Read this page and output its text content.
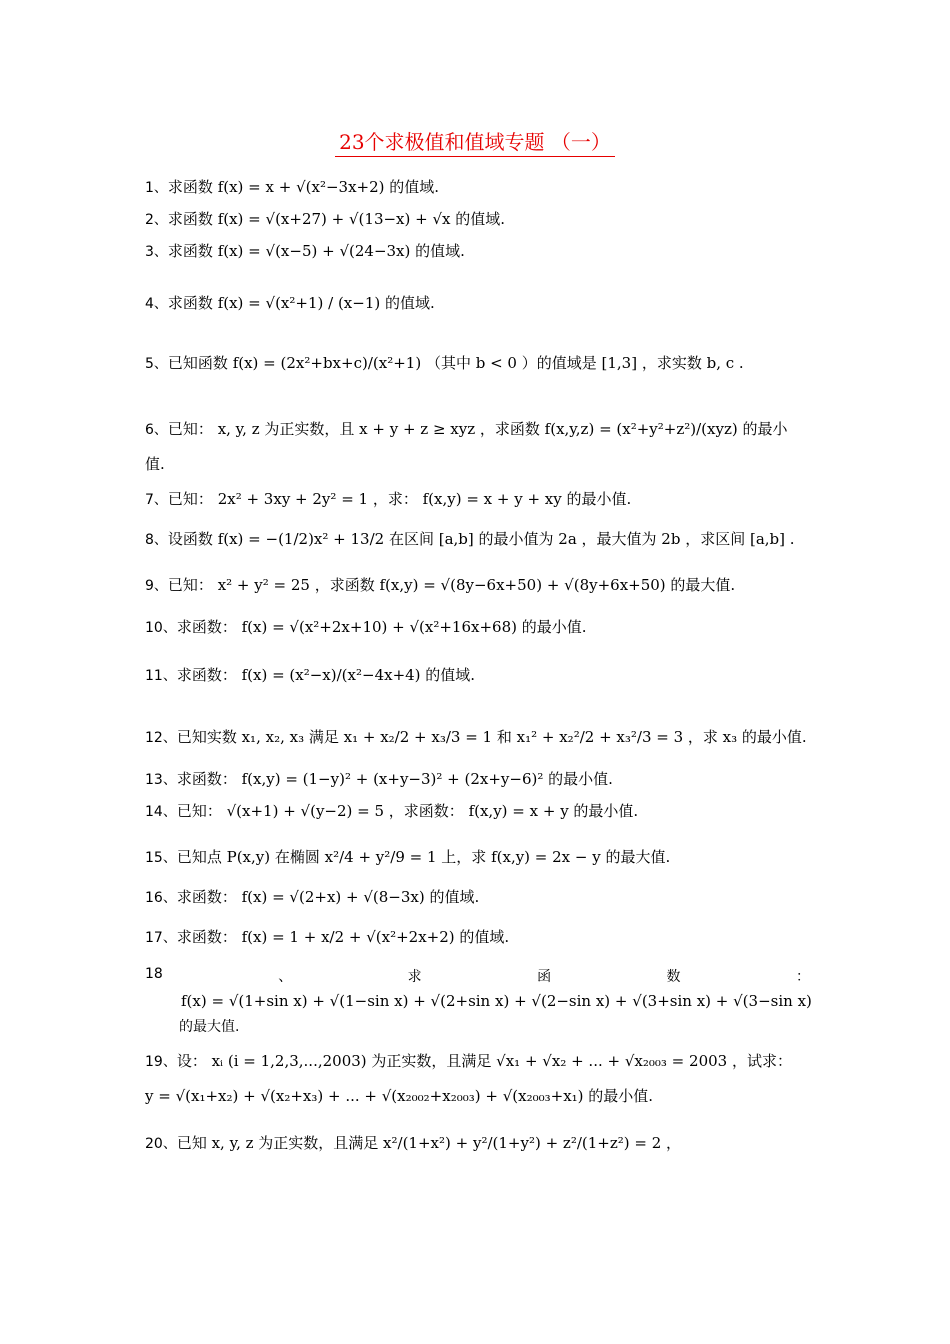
23个求极值和值域专题 （一）
1、求函数 f(x) = x + √(x²−3x+2) 的值域.
2、求函数 f(x) = √(x+27) + √(13−x) + √x 的值域.
3、求函数 f(x) = √(x−5) + √(24−3x) 的值域.
4、求函数 f(x) = √(x²+1) / (x−1) 的值域.
5、已知函数 f(x) = (2x²+bx+c)/(x²+1) （其中 b < 0 ）的值域是 [1,3] ，求实数 b, c .
6、已知： x, y, z 为正实数，且 x + y + z ≥ xyz ，求函数 f(x,y,z) = (x²+y²+z²)/(xyz) 的最小值.
7、已知： 2x² + 3xy + 2y² = 1 ，求： f(x,y) = x + y + xy 的最小值.
8、设函数 f(x) = −(1/2)x² + 13/2 在区间 [a,b] 的最小值为 2a ，最大值为 2b ，求区间 [a,b] .
9、已知： x² + y² = 25 ，求函数 f(x,y) = √(8y−6x+50) + √(8y+6x+50) 的最大值.
10、求函数： f(x) = √(x²+2x+10) + √(x²+16x+68) 的最小值.
11、求函数： f(x) = (x²−x)/(x²−4x+4) 的值域.
12、已知实数 x₁, x₂, x₃ 满足 x₁ + x₂/2 + x₃/3 = 1 和 x₁² + x₂²/2 + x₃²/3 = 3 ，求 x₃ 的最小值.
13、求函数： f(x,y) = (1−y)² + (x+y−3)² + (2x+y−6)² 的最小值.
14、已知： √(x+1) + √(y−2) = 5 ，求函数： f(x,y) = x + y 的最小值.
15、已知点 P(x,y) 在椭圆 x²/4 + y²/9 = 1 上，求 f(x,y) = 2x − y 的最大值.
16、求函数： f(x) = √(2+x) + √(8−3x) 的值域.
17、求函数： f(x) = 1 + x/2 + √(x²+2x+2) 的值域.
18	、	求	函	数	：
f(x) = √(1+sin x) + √(1−sin x) + √(2+sin x) + √(2−sin x) + √(3+sin x) + √(3−sin x)
的最大值.
19、设： xᵢ (i = 1,2,3,...,2003) 为正实数，且满足 √x₁ + √x₂ + ... + √x₂₀₀₃ = 2003 ，试求： y = √(x₁+x₂) + √(x₂+x₃) + ... + √(x₂₀₀₂+x₂₀₀₃) + √(x₂₀₀₃+x₁) 的最小值.
20、已知 x, y, z 为正实数，且满足 x²/(1+x²) + y²/(1+y²) + z²/(1+z²) = 2 ，
